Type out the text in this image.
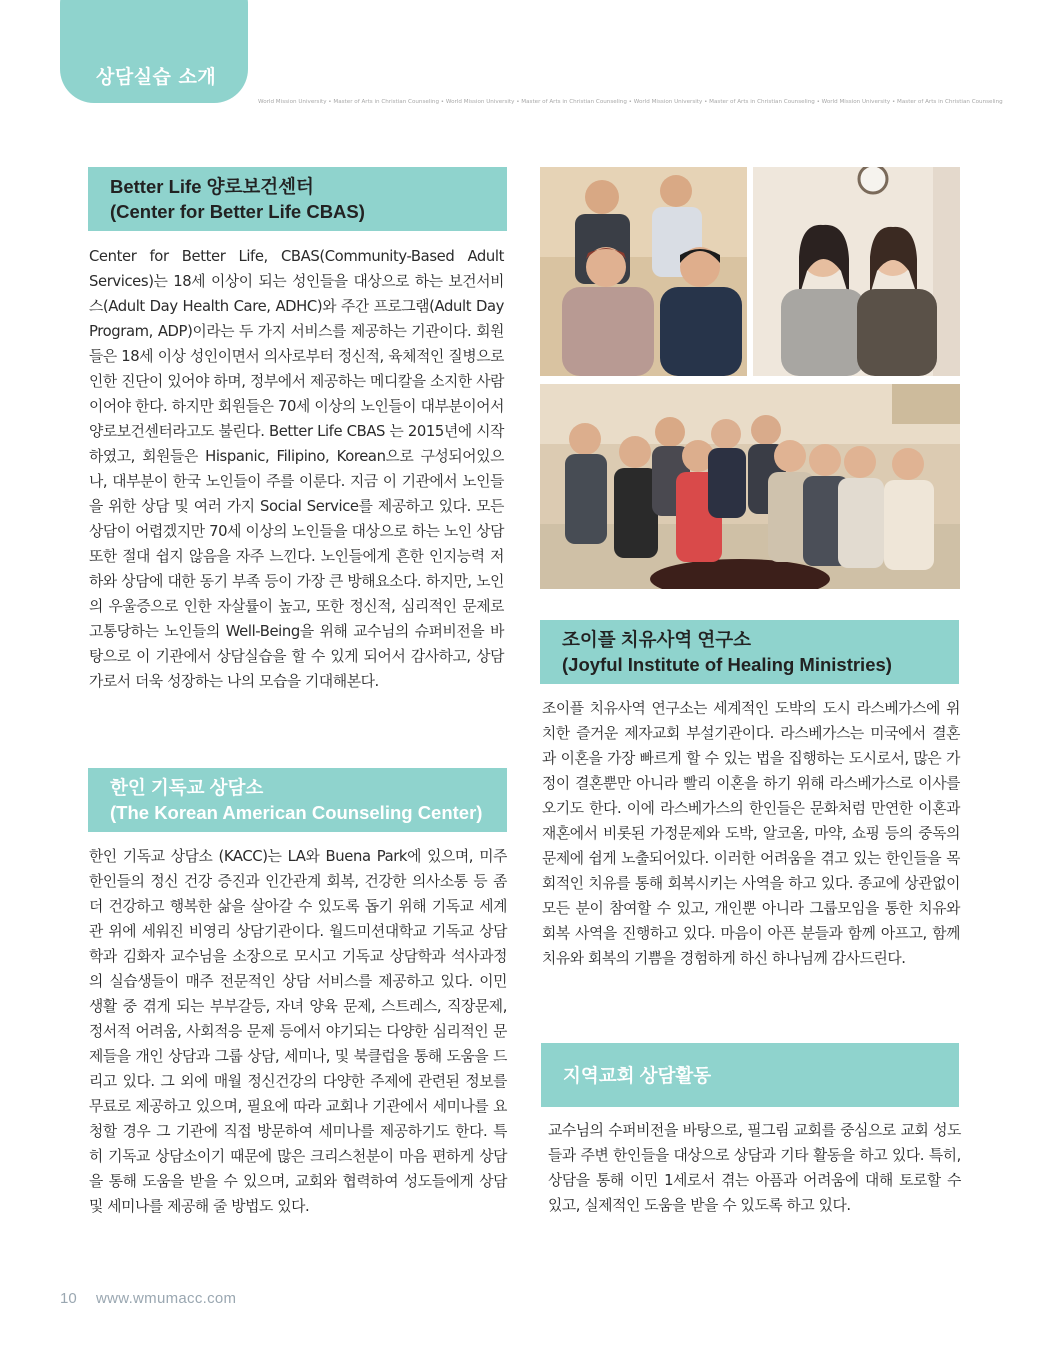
상담실습 소개
World Mission University • Master of Arts in Christian Counseling • World Mission University • Master of Arts in Christian Counseling • World Mission University • Master of Arts in Christian Counseling • World Mission University • Master of Arts in Christian Counseling
Better Life 양로보건센터
(Center for Better Life CBAS)

Center for Better Life, CBAS(Community-Based Adult Services)는 18세 이상이 되는 성인들을 대상으로 하는 보건서비스(Adult Day Health Care, ADHC)와 주간 프로그램(Adult Day Program, ADP)이라는 두 가지 서비스를 제공하는 기관이다. 회원들은 18세 이상 성인이면서 의사로부터 정신적, 육체적인 질병으로 인한 진단이 있어야 하며, 정부에서 제공하는 메디칼을 소지한 사람이어야 한다. 하지만 회원들은 70세 이상의 노인들이 대부분이어서 양로보건센터라고도 불린다. Better Life CBAS 는 2015년에 시작하였고, 회원들은 Hispanic, Filipino, Korean으로 구성되어있으나, 대부분이 한국 노인들이 주를 이룬다. 지금 이 기관에서 노인들을 위한 상담 및 여러 가지 Social Service를 제공하고 있다. 모든 상담이 어렵겠지만 70세 이상의 노인들을 대상으로 하는 노인 상담 또한 절대 쉽지 않음을 자주 느낀다. 노인들에게 흔한 인지능력 저하와 상담에 대한 동기 부족 등이 가장 큰 방해요소다. 하지만, 노인의 우울증으로 인한 자살률이 높고, 또한 정신적, 심리적인 문제로 고통당하는 노인들의 Well-Being을 위해 교수님의 슈퍼비전을 바탕으로 이 기관에서 상담실습을 할 수 있게 되어서 감사하고, 상담가로서 더욱 성장하는 나의 모습을 기대해본다.

한인 기독교 상담소
(The Korean American Counseling Center)

한인 기독교 상담소 (KACC)는 LA와 Buena Park에 있으며, 미주 한인들의 정신 건강 증진과 인간관계 회복, 건강한 의사소통 등 좀 더 건강하고 행복한 삶을 살아갈 수 있도록 돕기 위해 기독교 세계관 위에 세워진 비영리 상담기관이다. 월드미션대학교 기독교 상담학과 김화자 교수님을 소장으로 모시고 기독교 상담학과 석사과정의 실습생들이 매주 전문적인 상담 서비스를 제공하고 있다. 이민 생활 중 겪게 되는 부부갈등, 자녀 양육 문제, 스트레스, 직장문제, 정서적 어려움, 사회적응 문제 등에서 야기되는 다양한 심리적인 문제들을 개인 상담과 그룹 상담, 세미나, 및 북클럽을 통해 도움을 드리고 있다. 그 외에 매월 정신건강의 다양한 주제에 관련된 정보를 무료로 제공하고 있으며, 필요에 따라 교회나 기관에서 세미나를 요청할 경우 그 기관에 직접 방문하여 세미나를 제공하기도 한다. 특히 기독교 상담소이기 때문에 많은 크리스천분이 마음 편하게 상담을 통해 도움을 받을 수 있으며, 교회와 협력하여 성도들에게 상담 및 세미나를 제공해 줄 방법도 있다.

조이플 치유사역 연구소
(Joyful Institute of Healing Ministries)

조이플 치유사역 연구소는 세계적인 도박의 도시 라스베가스에 위치한 즐거운 제자교회 부설기관이다. 라스베가스는 미국에서 결혼과 이혼을 가장 빠르게 할 수 있는 법을 집행하는 도시로서, 많은 가정이 결혼뿐만 아니라 빨리 이혼을 하기 위해 라스베가스로 이사를 오기도 한다. 이에 라스베가스의 한인들은 문화처럼 만연한 이혼과 재혼에서 비롯된 가정문제와 도박, 알코올, 마약, 쇼핑 등의 중독의 문제에 쉽게 노출되어있다. 이러한 어려움을 겪고 있는 한인들을 목회적인 치유를 통해 회복시키는 사역을 하고 있다. 종교에 상관없이 모든 분이 참여할 수 있고, 개인뿐 아니라 그룹모임을 통한 치유와 회복 사역을 진행하고 있다. 마음이 아픈 분들과 함께 아프고, 함께 치유와 회복의 기쁨을 경험하게 하신 하나님께 감사드린다.

지역교회 상담활동

교수님의 수퍼비전을 바탕으로, 필그림 교회를 중심으로 교회 성도들과 주변 한인들을 대상으로 상담과 기타 활동을 하고 있다. 특히, 상담을 통해 이민 1세로서 겪는 아픔과 어려움에 대해 토로할 수 있고, 실제적인 도움을 받을 수 있도록 하고 있다.

10 www.wmumacc.com
